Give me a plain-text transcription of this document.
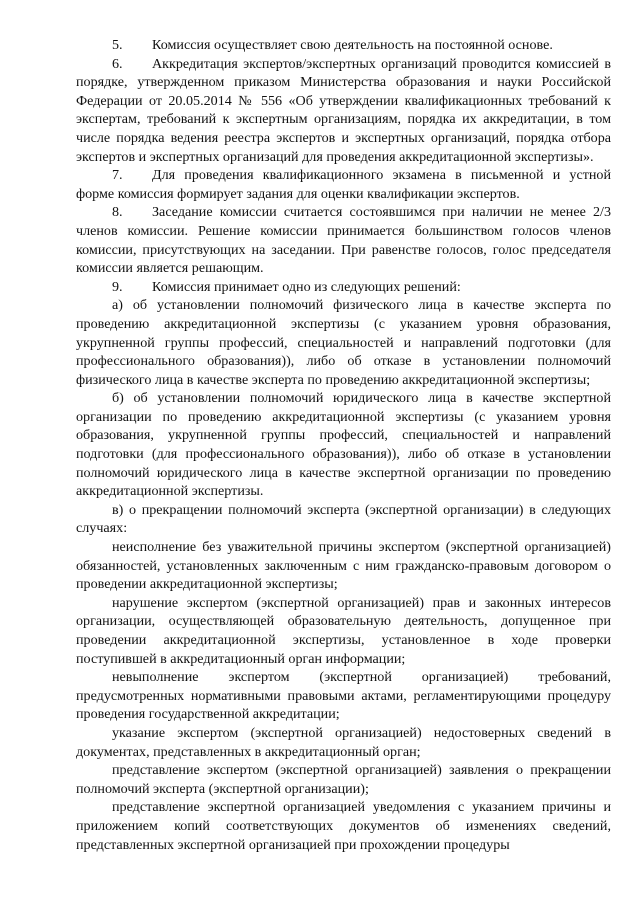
5. Комиссия осуществляет свою деятельность на постоянной основе.

6. Аккредитация экспертов/экспертных организаций проводится комиссией в порядке, утвержденном приказом Министерства образования и науки Российской Федерации от 20.05.2014 № 556 «Об утверждении квалификационных требований к экспертам, требований к экспертным организациям, порядка их аккредитации, в том числе порядка ведения реестра экспертов и экспертных организаций, порядка отбора экспертов и экспертных организаций для проведения аккредитационной экспертизы».

7. Для проведения квалификационного экзамена в письменной и устной форме комиссия формирует задания для оценки квалификации экспертов.

8. Заседание комиссии считается состоявшимся при наличии не менее 2/3 членов комиссии. Решение комиссии принимается большинством голосов членов комиссии, присутствующих на заседании. При равенстве голосов, голос председателя комиссии является решающим.

9. Комиссия принимает одно из следующих решений:

а) об установлении полномочий физического лица в качестве эксперта по проведению аккредитационной экспертизы (с указанием уровня образования, укрупненной группы профессий, специальностей и направлений подготовки (для профессионального образования)), либо об отказе в установлении полномочий физического лица в качестве эксперта по проведению аккредитационной экспертизы;

б) об установлении полномочий юридического лица в качестве экспертной организации по проведению аккредитационной экспертизы (с указанием уровня образования, укрупненной группы профессий, специальностей и направлений подготовки (для профессионального образования)), либо об отказе в установлении полномочий юридического лица в качестве экспертной организации по проведению аккредитационной экспертизы.

в) о прекращении полномочий эксперта (экспертной организации) в следующих случаях:

неисполнение без уважительной причины экспертом (экспертной организацией) обязанностей, установленных заключенным с ним гражданско-правовым договором о проведении аккредитационной экспертизы;

нарушение экспертом (экспертной организацией) прав и законных интересов организации, осуществляющей образовательную деятельность, допущенное при проведении аккредитационной экспертизы, установленное в ходе проверки поступившей в аккредитационный орган информации;

невыполнение экспертом (экспертной организацией) требований, предусмотренных нормативными правовыми актами, регламентирующими процедуру проведения государственной аккредитации;

указание экспертом (экспертной организацией) недостоверных сведений в документах, представленных в аккредитационный орган;

представление экспертом (экспертной организацией) заявления о прекращении полномочий эксперта (экспертной организации);

представление экспертной организацией уведомления с указанием причины и приложением копий соответствующих документов об изменениях сведений, представленных экспертной организацией при прохождении процедуры
